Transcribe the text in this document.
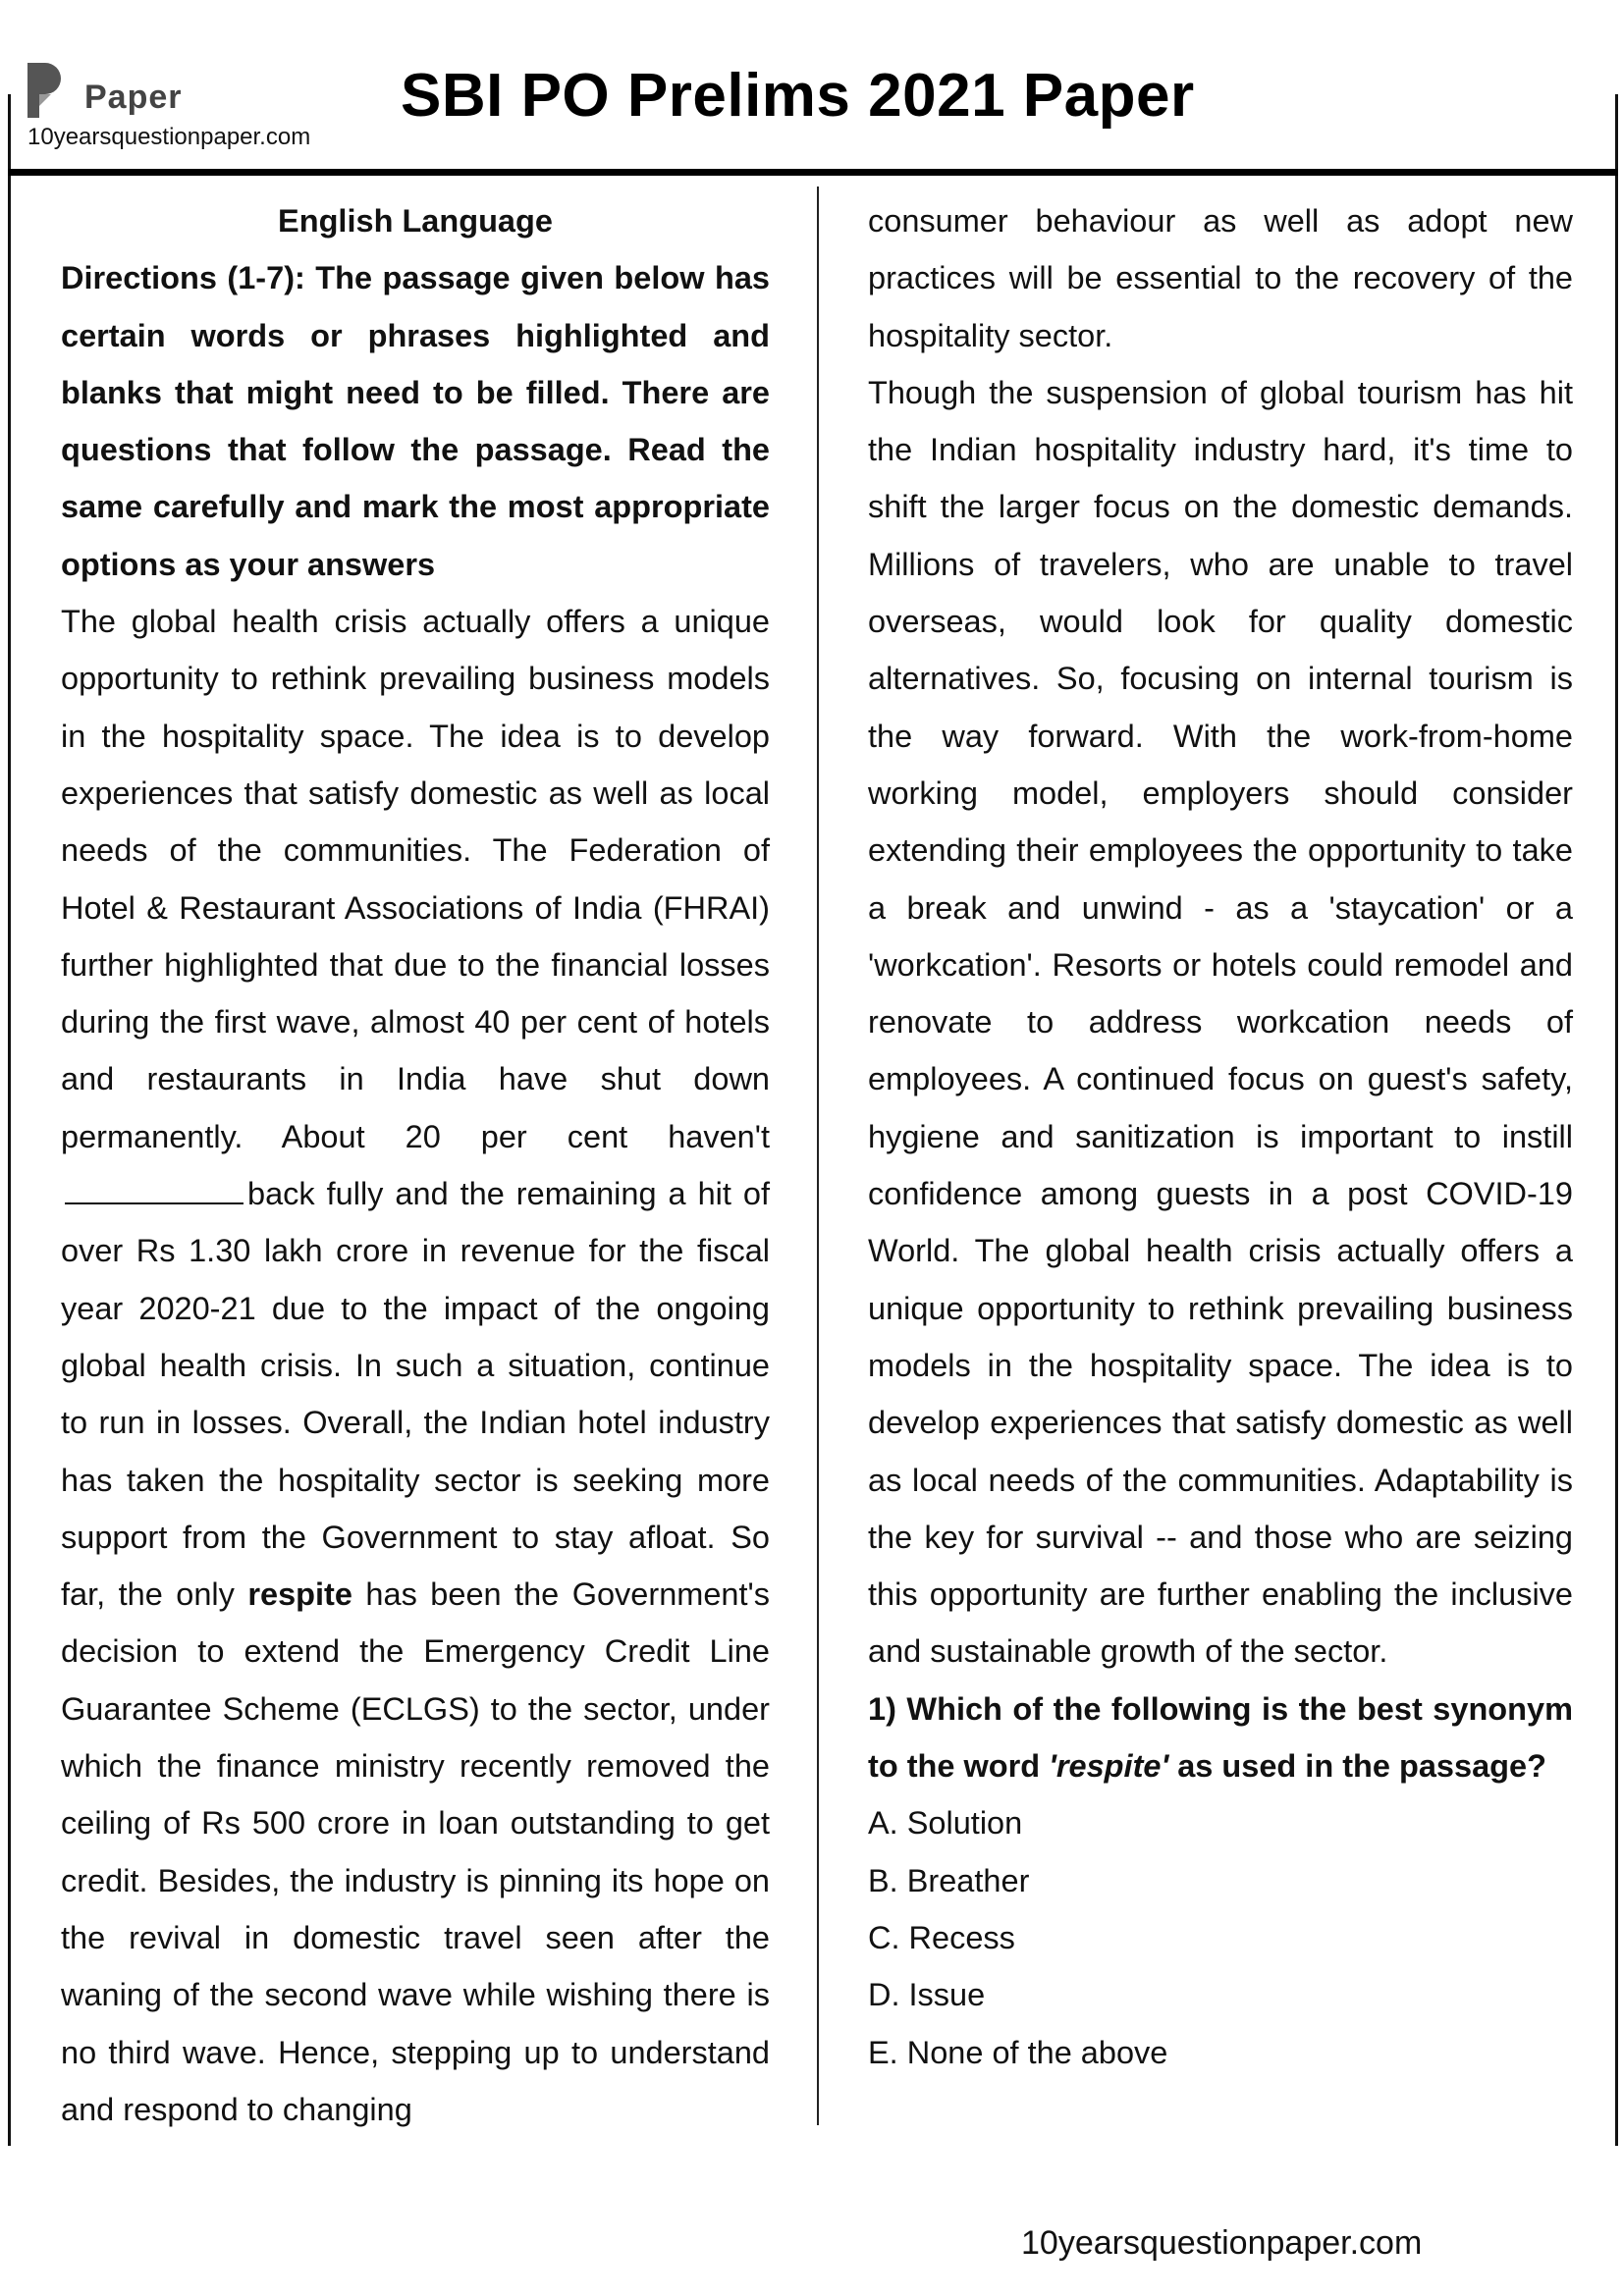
Paper
10yearsquestionpaper.com
SBI PO Prelims 2021 Paper

English Language

Directions (1-7): The passage given below has certain words or phrases highlighted and blanks that might need to be filled. There are questions that follow the passage. Read the same carefully and mark the most appropriate options as your answers

The global health crisis actually offers a unique opportunity to rethink prevailing business models in the hospitality space. The idea is to develop experiences that satisfy domestic as well as local needs of the communities. The Federation of Hotel & Restaurant Associations of India (FHRAI) further highlighted that due to the financial losses during the first wave, almost 40 per cent of hotels and restaurants in India have shut down permanently. About 20 per cent haven'tback fully and the remaining a hit of over Rs 1.30 lakh crore in revenue for the fiscal year 2020-21 due to the impact of the ongoing global health crisis. In such a situation, continue to run in losses. Overall, the Indian hotel industry has taken the hospitality sector is seeking more support from the Government to stay afloat. So far, the only respite has been the Government's decision to extend the Emergency Credit Line Guarantee Scheme (ECLGS) to the sector, under which the finance ministry recently removed the ceiling of Rs 500 crore in loan outstanding to get credit. Besides, the industry is pinning its hope on the revival in domestic travel seen after the waning of the second wave while wishing there is no third wave. Hence, stepping up to understand and respond to changing

consumer behaviour as well as adopt new practices will be essential to the recovery of the hospitality sector.

Though the suspension of global tourism has hit the Indian hospitality industry hard, it's time to shift the larger focus on the domestic demands. Millions of travelers, who are unable to travel overseas, would look for quality domestic alternatives. So, focusing on internal tourism is the way forward. With the work-from-home working model, employers should consider extending their employees the opportunity to take a break and unwind - as a 'staycation' or a 'workcation'. Resorts or hotels could remodel and renovate to address workcation needs of employees. A continued focus on guest's safety, hygiene and sanitization is important to instill confidence among guests in a post COVID-19 World. The global health crisis actually offers a unique opportunity to rethink prevailing business models in the hospitality space. The idea is to develop experiences that satisfy domestic as well as local needs of the communities. Adaptability is the key for survival -- and those who are seizing this opportunity are further enabling the inclusive and sustainable growth of the sector.

1) Which of the following is the best synonym to the word 'respite' as used in the passage?

A. Solution

B. Breather

C. Recess

D. Issue

E. None of the above

10yearsquestionpaper.com
